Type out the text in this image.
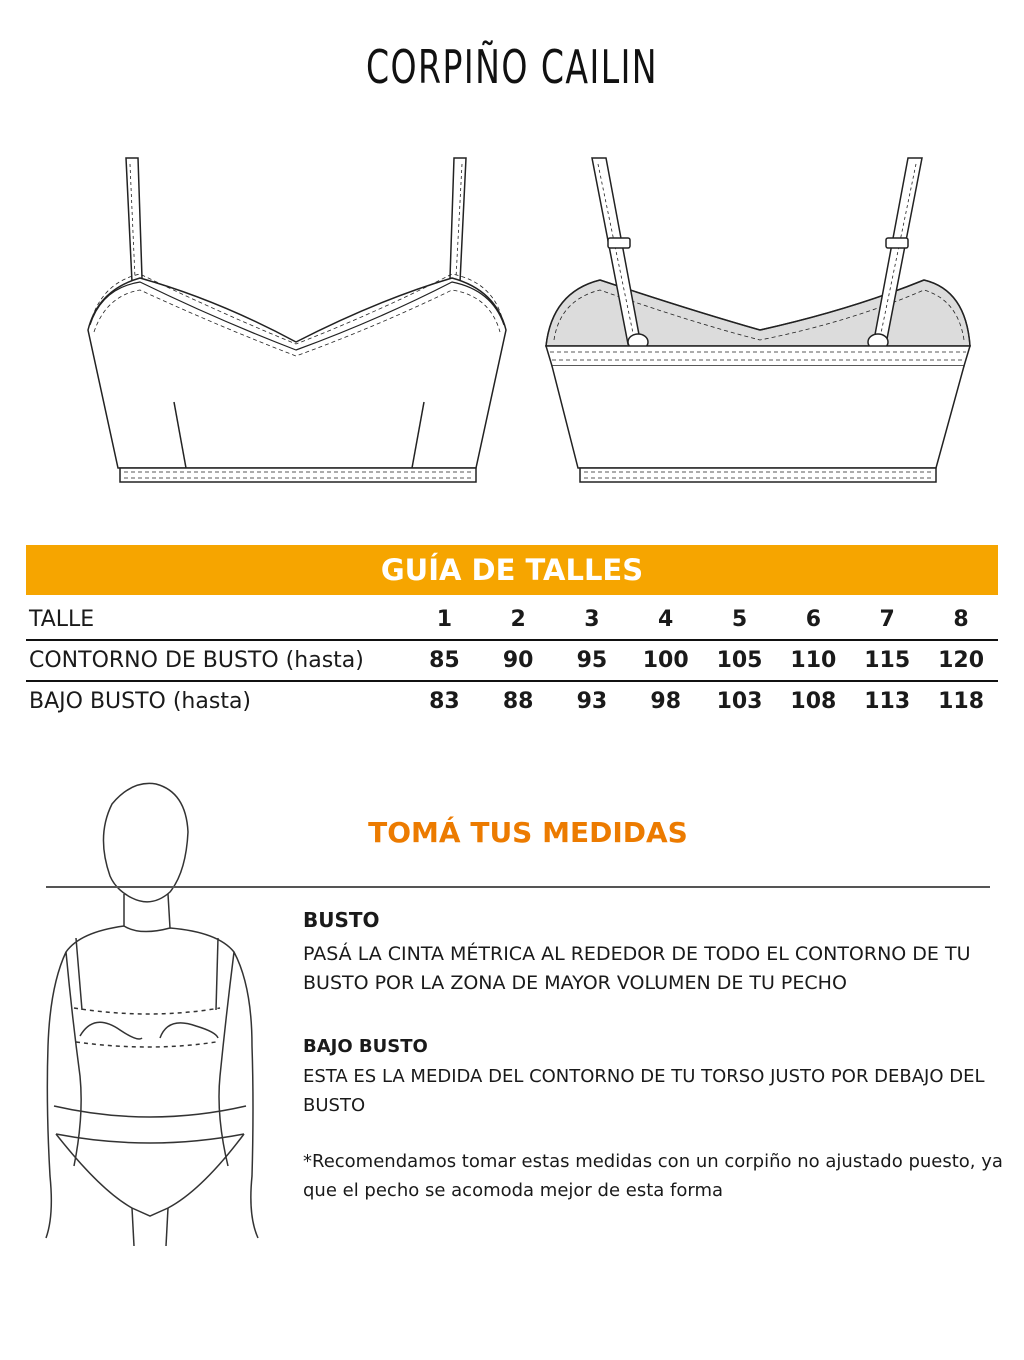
CORPIÑO CAILIN
GUÍA DE TALLES
TALLE	1	2	3	4	5	6	7	8
CONTORNO DE BUSTO (hasta)	85	90	95	100	105	110	115	120
BAJO BUSTO (hasta)	83	88	93	98	103	108	113	118
TOMÁ TUS MEDIDAS
BUSTO
PASÁ LA CINTA MÉTRICA AL REDEDOR DE TODO EL CONTORNO DE TU BUSTO POR LA ZONA DE MAYOR VOLUMEN DE TU PECHO
BAJO BUSTO
ESTA ES LA MEDIDA DEL CONTORNO DE TU TORSO JUSTO POR DEBAJO DEL BUSTO
*Recomendamos tomar estas medidas con un corpiño no ajustado puesto, ya que el pecho se acomoda mejor de esta forma
